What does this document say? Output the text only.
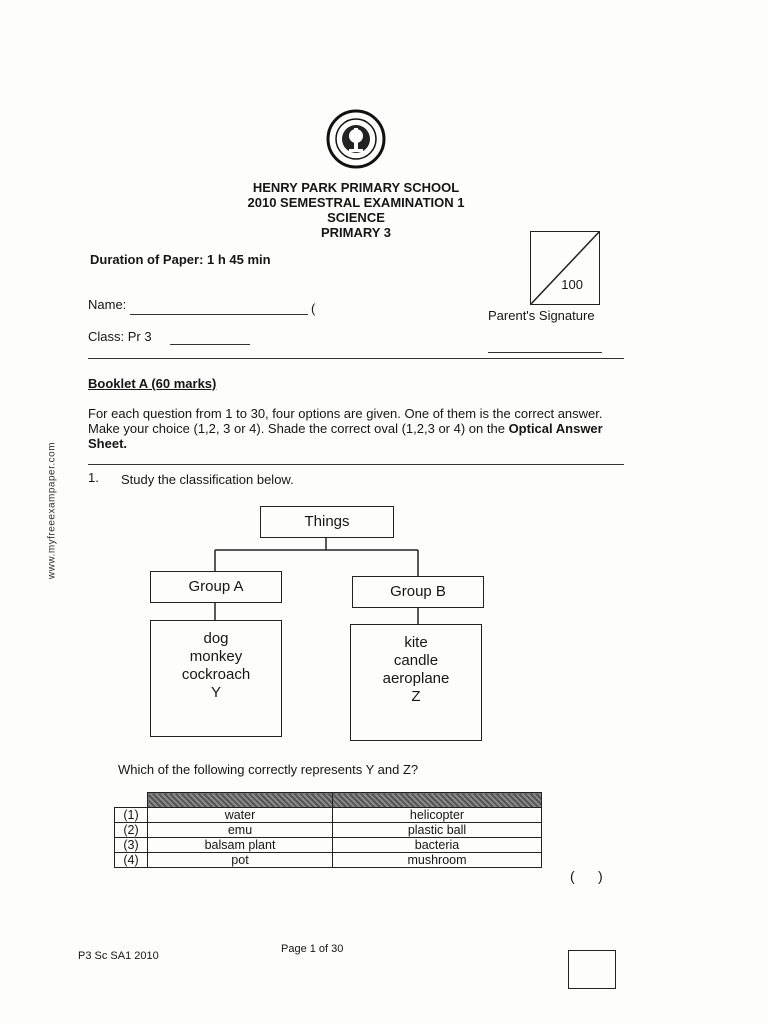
HENRY PARK PRIMARY SCHOOL
2010 SEMESTRAL EXAMINATION 1
SCIENCE
PRIMARY 3
Duration of Paper: 1 h 45 min
Name:	(
Class: Pr 3
100
Parent's Signature
www.myfreeexampaper.com
Booklet A (60 marks)
For each question from 1 to 30, four options are given. One of them is the correct answer. Make your choice (1,2, 3 or 4). Shade the correct oval (1,2,3 or 4) on the Optical Answer Sheet.
1. Study the classification below.
Things
Group A	Group B
dog
monkey
cockroach
Y
kite
candle
aeroplane
Z
Which of the following correctly represents Y and Z?

(1)	water	helicopter
(2)	emu	plastic ball
(3)	balsam plant	bacteria
(4)	pot	mushroom
(      )
P3 Sc SA1 2010
Page 1 of 30
